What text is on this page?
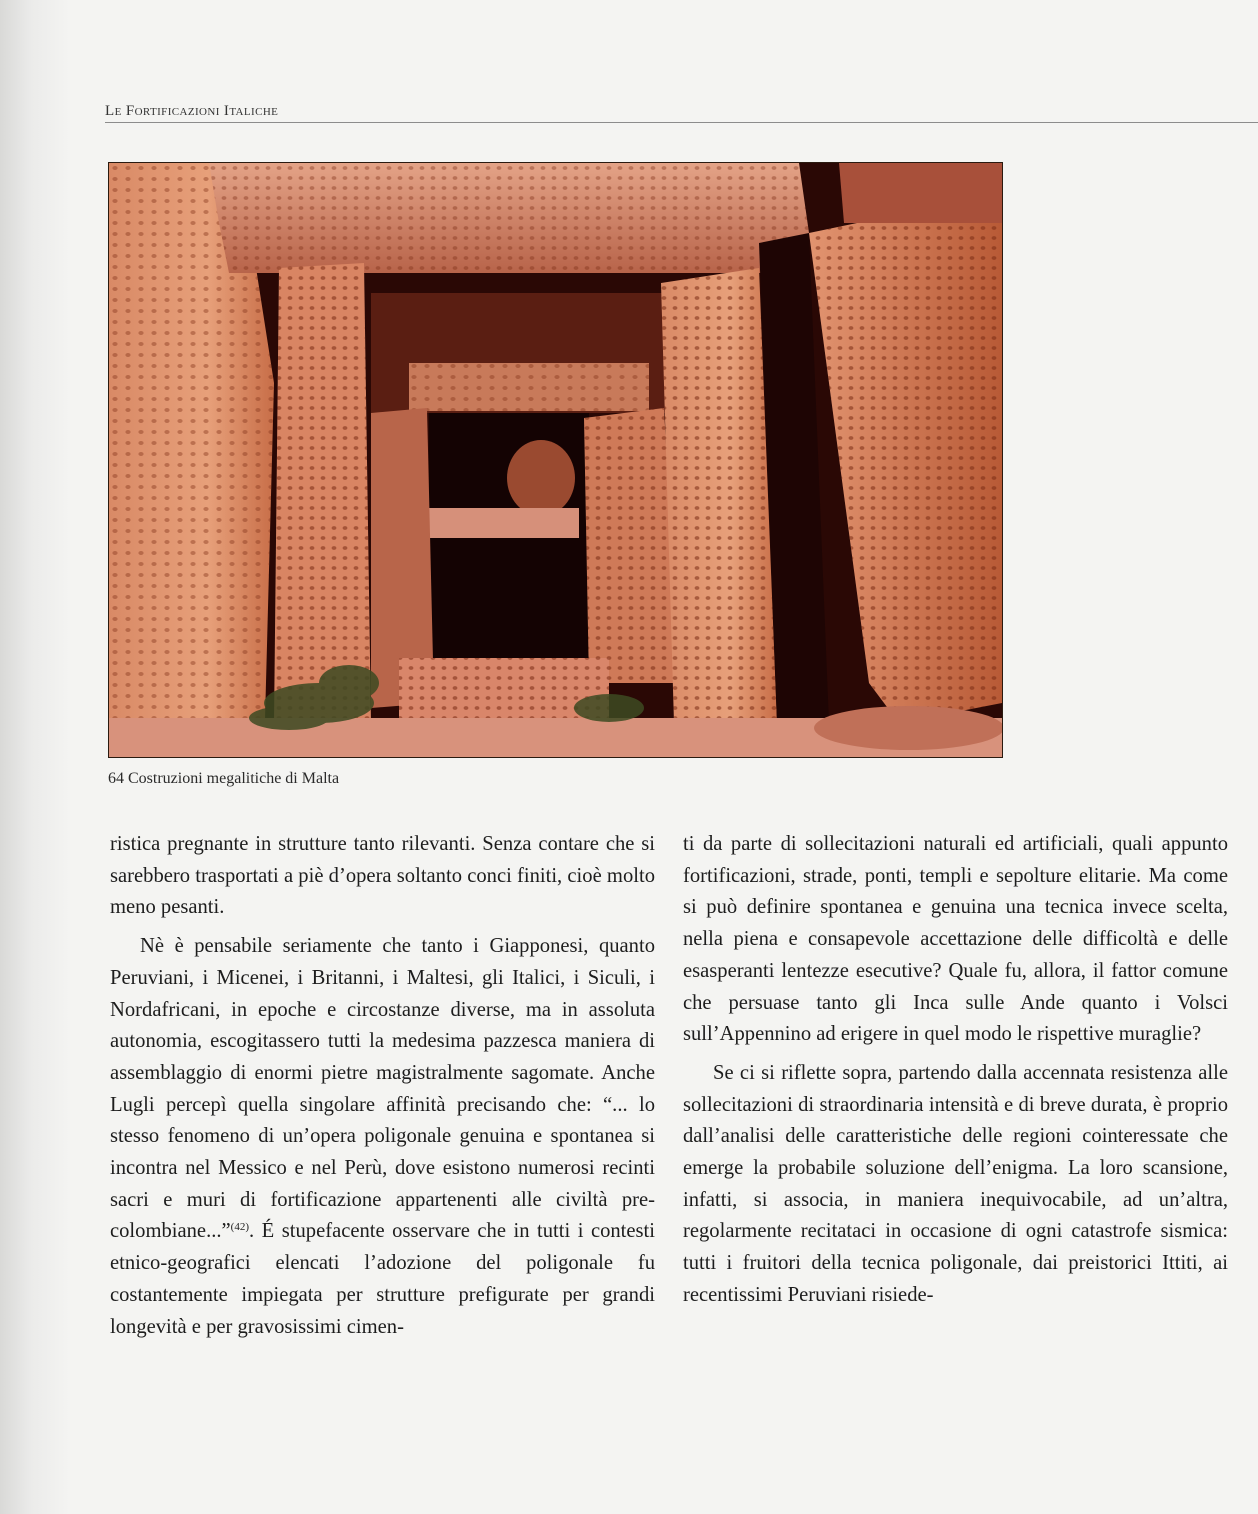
Le Fortificazioni Italiche
64 Costruzioni megalitiche di Malta

ristica pregnante in strutture tanto rilevanti. Senza contare che si sarebbero trasportati a piè d’opera soltanto conci finiti, cioè molto meno pesanti.

Nè è pensabile seriamente che tanto i Giapponesi, quanto Peruviani, i Micenei, i Britanni, i Maltesi, gli Italici, i Siculi, i Nordafricani, in epoche e circostanze diverse, ma in assoluta autonomia, escogitassero tutti la medesima pazzesca maniera di assemblaggio di enormi pietre magistralmente sagomate. Anche Lugli percepì quella singolare affinità precisando che: “... lo stesso fenomeno di un’opera poligonale genuina e spontanea si incontra nel Messico e nel Perù, dove esistono numerosi recinti sacri e muri di fortificazione appartenenti alle civiltà pre-colombiane...”$^{(42)}$. É stupefacente osservare che in tutti i contesti etnico-geografici elencati l’adozione del poligonale fu costantemente impiegata per strutture prefigurate per grandi longevità e per gravosissimi cimen-

ti da parte di sollecitazioni naturali ed artificiali, quali appunto fortificazioni, strade, ponti, templi e sepolture elitarie. Ma come si può definire spontanea e genuina una tecnica invece scelta, nella piena e consapevole accettazione delle difficoltà e delle esasperanti lentezze esecutive? Quale fu, allora, il fattor comune che persuase tanto gli Inca sulle Ande quanto i Volsci sull’Appennino ad erigere in quel modo le rispettive muraglie?

Se ci si riflette sopra, partendo dalla accennata resistenza alle sollecitazioni di straordinaria intensità e di breve durata, è proprio dall’analisi delle caratteristiche delle regioni cointeressate che emerge la probabile soluzione dell’enigma. La loro scansione, infatti, si associa, in maniera inequivocabile, ad un’altra, regolarmente recitataci in occasione di ogni catastrofe sismica: tutti i fruitori della tecnica poligonale, dai preistorici Ittiti, ai recentissimi Peruviani risiede-
